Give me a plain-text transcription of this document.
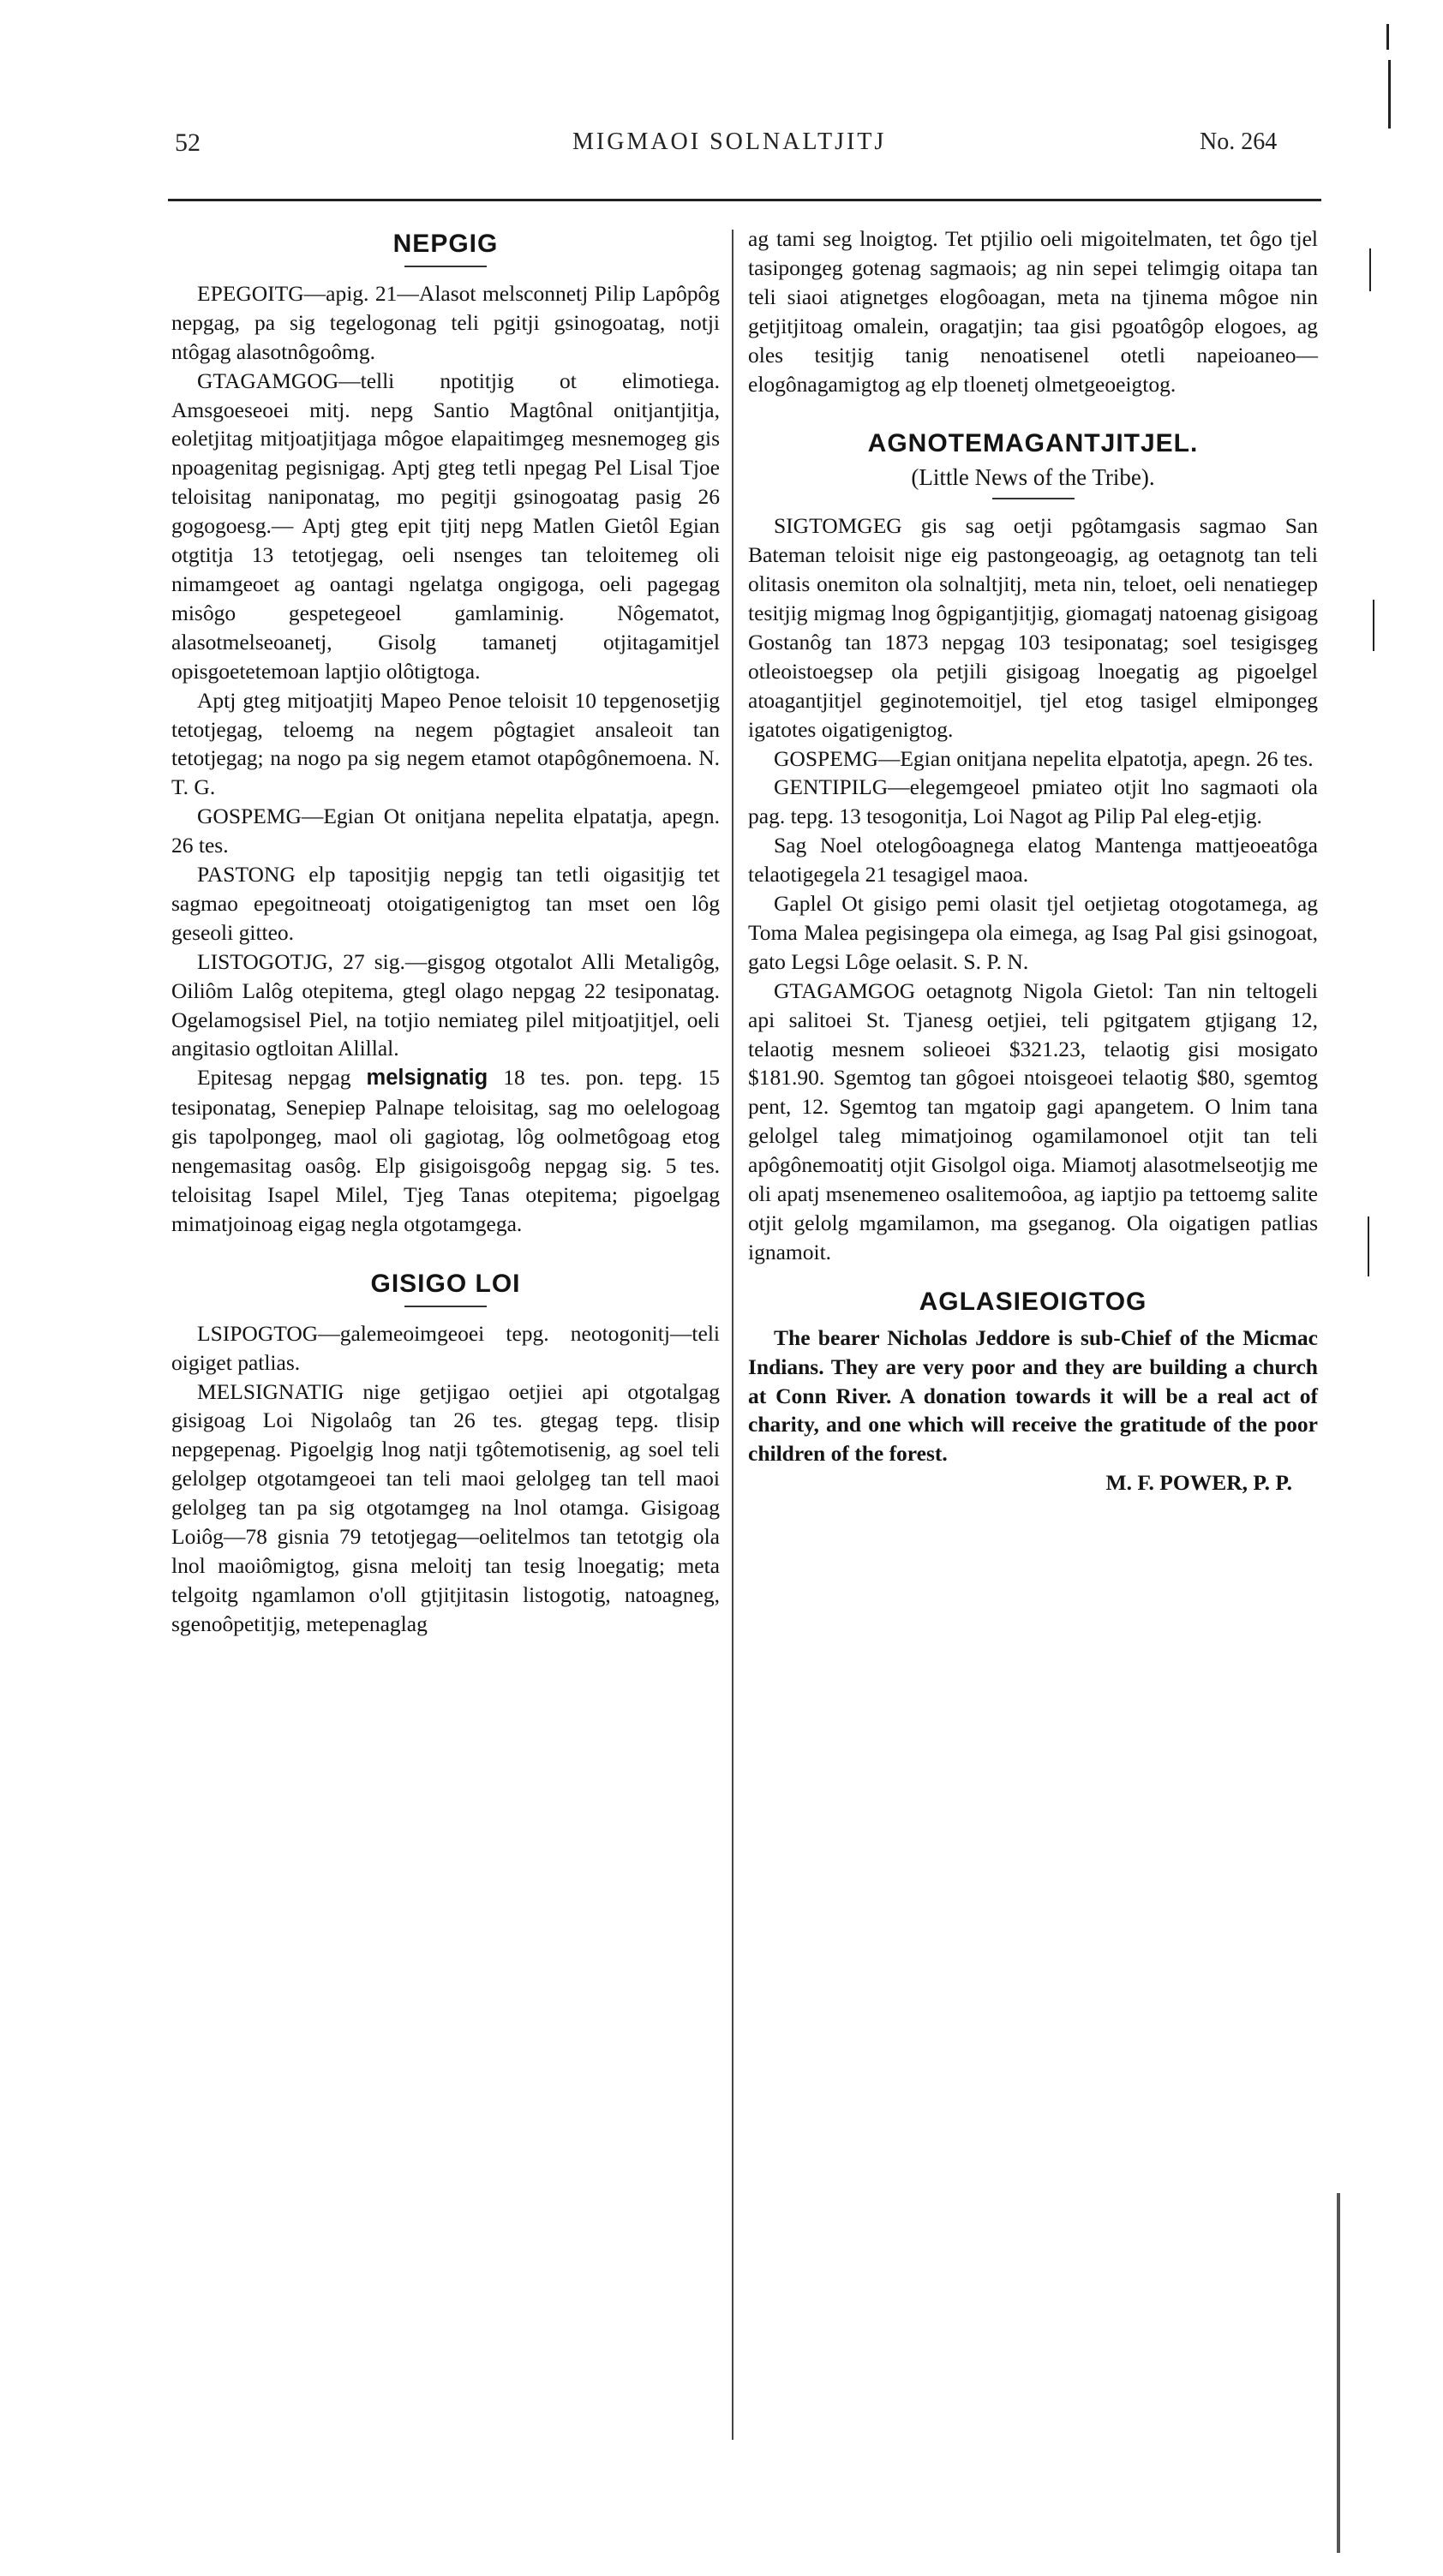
52	MIGMAOI SOLNALTJITJ	No. 264
NEPGIG

EPEGOITG—apig. 21—Alasot melsconnetj Pilip Lapôpôg nepgag, pa sig tegelogonag teli pgitji gsinogoatag, notji ntôgag alasotnôgoômg.

GTAGAMGOG—telli npotitjig ot elimotiega. Amsgoeseoei mitj. nepg Santio Magtônal onitjantjitja, eoletjitag mitjoatjitjaga môgoe elapaitimgeg mesnemogeg gis npoagenitag pegisnigag. Aptj gteg tetli npegag Pel Lisal Tjoe teloisitag naniponatag, mo pegitji gsinogoatag pasig 26 gogogoesg.— Aptj gteg epit tjitj nepg Matlen Gietôl Egian otgtitja 13 tetotjegag, oeli nsenges tan teloitemeg oli nimamgeoet ag oantagi ngelatga ongigoga, oeli pagegag misôgo gespetegeoel gamlaminig. Nôgematot, alasotmelseoanetj, Gisolg tamanetj otjitagamitjel opisgoetetemoan laptjio olôtigtoga.

Aptj gteg mitjoatjitj Mapeo Penoe teloisit 10 tepgenosetjig tetotjegag, teloemg na negem pôgtagiet ansaleoit tan tetotjegag; na nogo pa sig negem etamot otapôgônemoena. N. T. G.

GOSPEMG—Egian Ot onitjana nepelita elpatatja, apegn. 26 tes.

PASTONG elp tapositjig nepgig tan tetli oigasitjig tet sagmao epegoitneoatj otoigatigenigtog tan mset oen lôg geseoli gitteo.

LISTOGOTJG, 27 sig.—gisgog otgotalot Alli Metaligôg, Oiliôm Lalôg otepitema, gtegl olago nepgag 22 tesiponatag. Ogelamogsisel Piel, na totjio nemiateg pilel mitjoatjitjel, oeli angitasio ogtloitan Alillal.

Epitesag nepgag melsignatig 18 tes. pon. tepg. 15 tesiponatag, Senepiep Palnape teloisitag, sag mo oelelogoag gis tapolpongeg, maol oli gagiotag, lôg oolmetôgoag etog nengemasitag oasôg. Elp gisigoisgoôg nepgag sig. 5 tes. teloisitag Isapel Milel, Tjeg Tanas otepitema; pigoelgag mimatjoinoag eigag negla otgotamgega.

GISIGO LOI

LSIPOGTOG—galemeoimgeoei tepg. neotogonitj—teli oigiget patlias.

MELSIGNATIG nige getjigao oetjiei api otgotalgag gisigoag Loi Nigolaôg tan 26 tes. gtegag tepg. tlisip nepgepenag. Pigoelgig lnog natji tgôtemotisenig, ag soel teli gelolgep otgotamgeoei tan teli maoi gelolgeg tan tell maoi gelolgeg tan pa sig otgotamgeg na lnol otamga. Gisigoag Loiôg—78 gisnia 79 tetotjegag—oelitelmos tan tetotgig ola lnol maoiômigtog, gisna meloitj tan tesig lnoegatig; meta telgoitg ngamlamon o'oll gtjitjitasin listogotig, natoagneg, sgenoôpetitjig, metepenaglag

ag tami seg lnoigtog. Tet ptjilio oeli migoitelmaten, tet ôgo tjel tasipongeg gotenag sagmaois; ag nin sepei telimgig oitapa tan teli siaoi atignetges elogôoagan, meta na tjinema môgoe nin getjitjitoag omalein, oragatjin; taa gisi pgoatôgôp elogoes, ag oles tesitjig tanig nenoatisenel otetli napeioaneo—elogônagamigtog ag elp tloenetj olmetgeoeigtog.

AGNOTEMAGANTJITJEL.
(Little News of the Tribe).

SIGTOMGEG gis sag oetji pgôtamgasis sagmao San Bateman teloisit nige eig pastongeoagig, ag oetagnotg tan teli olitasis onemiton ola solnaltjitj, meta nin, teloet, oeli nenatiegep tesitjig migmag lnog ôgpigantjitjig, giomagatj natoenag gisigoag Gostanôg tan 1873 nepgag 103 tesiponatag; soel tesigisgeg otleoistoegsep ola petjili gisigoag lnoegatig ag pigoelgel atoagantjitjel geginotemoitjel, tjel etog tasigel elmipongeg igatotes oigatigenigtog.

GOSPEMG—Egian onitjana nepelita elpatotja, apegn. 26 tes.

GENTIPILG—elegemgeoel pmiateo otjit lno sagmaoti ola pag. tepg. 13 tesogonitja, Loi Nagot ag Pilip Pal eleg-etjig.

Sag Noel otelogôoagnega elatog Mantenga mattjeoeatôga telaotigegela 21 tesagigel maoa.

Gaplel Ot gisigo pemi olasit tjel oetjietag otogotamega, ag Toma Malea pegisingepa ola eimega, ag Isag Pal gisi gsinogoat, gato Legsi Lôge oelasit. S. P. N.

GTAGAMGOG oetagnotg Nigola Gietol: Tan nin teltogeli api salitoei St. Tjanesg oetjiei, teli pgitgatem gtjigang 12, telaotig mesnem solieoei $321.23, telaotig gisi mosigato $181.90. Sgemtog tan gôgoei ntoisgeoei telaotig $80, sgemtog pent, 12. Sgemtog tan mgatoip gagi apangetem. O lnim tana gelolgel taleg mimatjoinog ogamilamonoel otjit tan teli apôgônemoatitj otjit Gisolgol oiga. Miamotj alasotmelseotjig me oli apatj msenemeneo osalitemoôoa, ag iaptjio pa tettoemg salite otjit gelolg mgamilamon, ma gseganog. Ola oigatigen patlias ignamoit.

AGLASIEOIGTOG

The bearer Nicholas Jeddore is sub-Chief of the Micmac Indians. They are very poor and they are building a church at Conn River. A donation towards it will be a real act of charity, and one which will receive the gratitude of the poor children of the forest.

M. F. POWER, P. P.
